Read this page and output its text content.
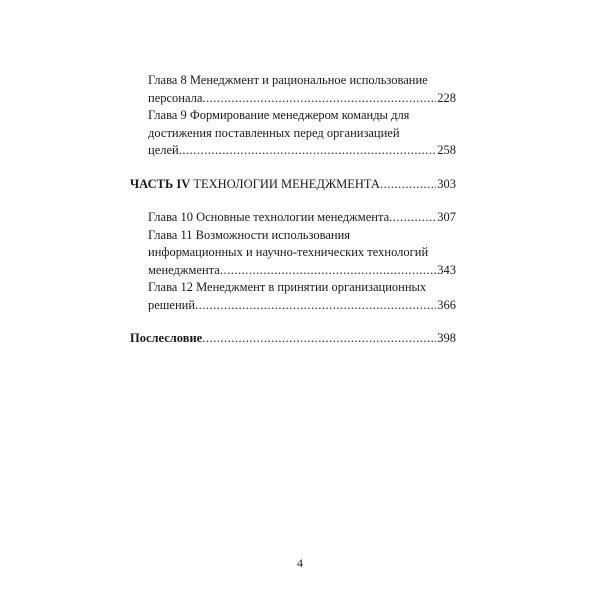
Глава 8 Менеджмент и рациональное использование
персонала .....	228
Глава 9 Формирование менеджером команды для
достижения поставленных перед организацией
целей .....	258
ЧАСТЬ IV ТЕХНОЛОГИИ МЕНЕДЖМЕНТА .....	303
Глава 10 Основные технологии менеджмента .....	307
Глава 11 Возможности использования
информационных и научно-технических технологий
менеджмента .....	343
Глава 12 Менеджмент в принятии организационных
решений .....	366
Послесловие .....	398
4
